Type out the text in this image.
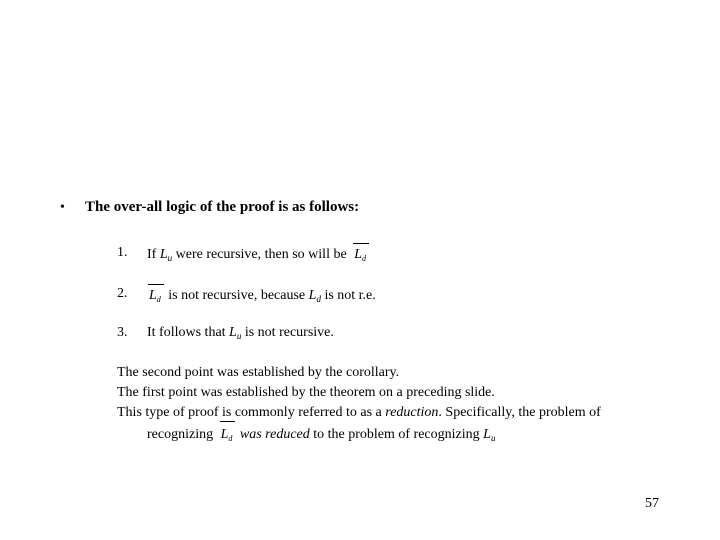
• The over-all logic of the proof is as follows:
1. If $L_u$ were recursive, then so will be $L_d$
2. $L_d$ is not recursive, because $L_d$ is not r.e.
3. It follows that $L_u$ is not recursive.
The second point was established by the corollary.
The first point was established by the theorem on a preceding slide.
This type of proof is commonly referred to as a reduction. Specifically, the problem of
recognizing $L_d$ was reduced to the problem of recognizing $L_u$
57
